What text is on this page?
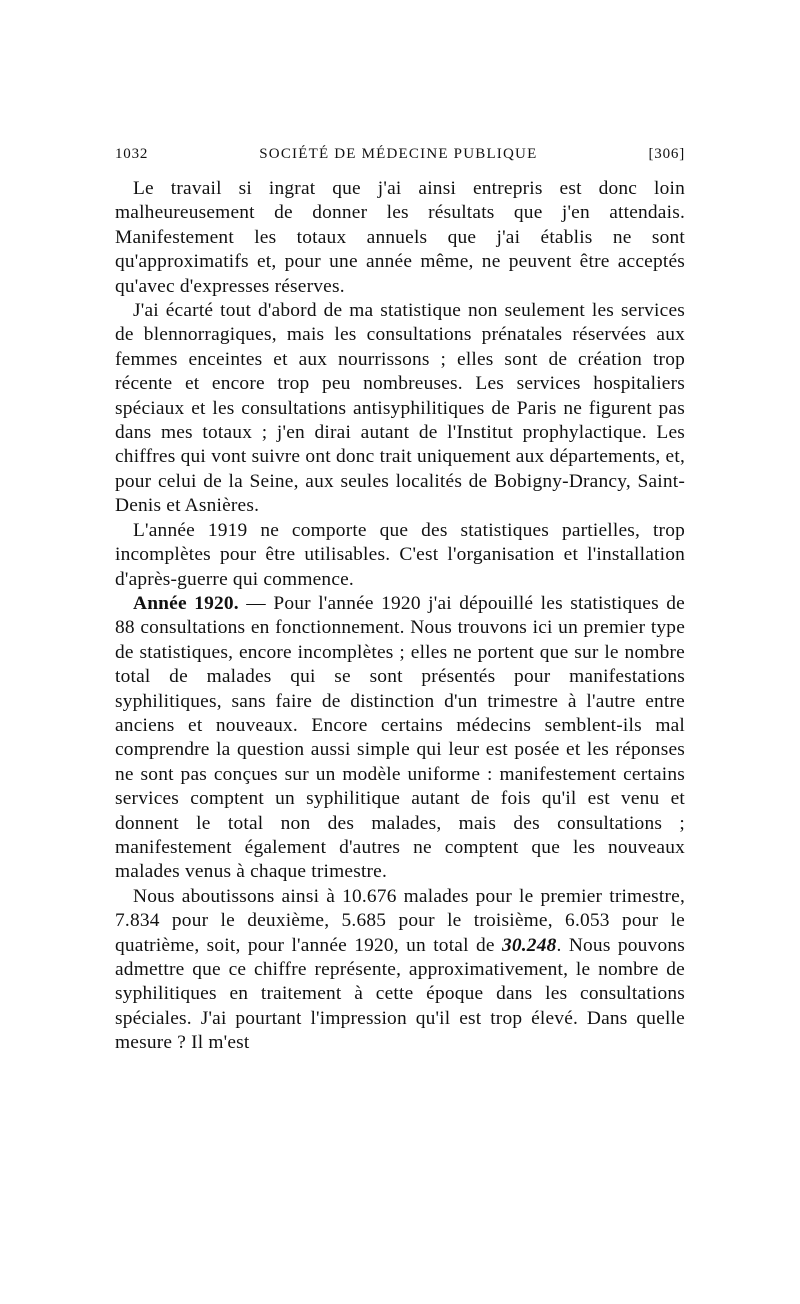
1032	SOCIÉTÉ DE MÉDECINE PUBLIQUE	[306]

Le travail si ingrat que j'ai ainsi entrepris est donc loin malheureusement de donner les résultats que j'en attendais. Manifestement les totaux annuels que j'ai établis ne sont qu'approximatifs et, pour une année même, ne peuvent être acceptés qu'avec d'expresses réserves.

J'ai écarté tout d'abord de ma statistique non seulement les services de blennorragiques, mais les consultations prénatales réservées aux femmes enceintes et aux nourrissons ; elles sont de création trop récente et encore trop peu nombreuses. Les services hospitaliers spéciaux et les consultations antisyphilitiques de Paris ne figurent pas dans mes totaux ; j'en dirai autant de l'Institut prophylactique. Les chiffres qui vont suivre ont donc trait uniquement aux départements, et, pour celui de la Seine, aux seules localités de Bobigny-Drancy, Saint-Denis et Asnières.

L'année 1919 ne comporte que des statistiques partielles, trop incomplètes pour être utilisables. C'est l'organisation et l'installation d'après-guerre qui commence.

Année 1920. — Pour l'année 1920 j'ai dépouillé les statistiques de 88 consultations en fonctionnement. Nous trouvons ici un premier type de statistiques, encore incomplètes ; elles ne portent que sur le nombre total de malades qui se sont présentés pour manifestations syphilitiques, sans faire de distinction d'un trimestre à l'autre entre anciens et nouveaux. Encore certains médecins semblent-ils mal comprendre la question aussi simple qui leur est posée et les réponses ne sont pas conçues sur un modèle uniforme : manifestement certains services comptent un syphilitique autant de fois qu'il est venu et donnent le total non des malades, mais des consultations ; manifestement également d'autres ne comptent que les nouveaux malades venus à chaque trimestre.

Nous aboutissons ainsi à 10.676 malades pour le premier trimestre, 7.834 pour le deuxième, 5.685 pour le troisième, 6.053 pour le quatrième, soit, pour l'année 1920, un total de 30.248. Nous pouvons admettre que ce chiffre représente, approximativement, le nombre de syphilitiques en traitement à cette époque dans les consultations spéciales. J'ai pourtant l'impression qu'il est trop élevé. Dans quelle mesure ? Il m'est
